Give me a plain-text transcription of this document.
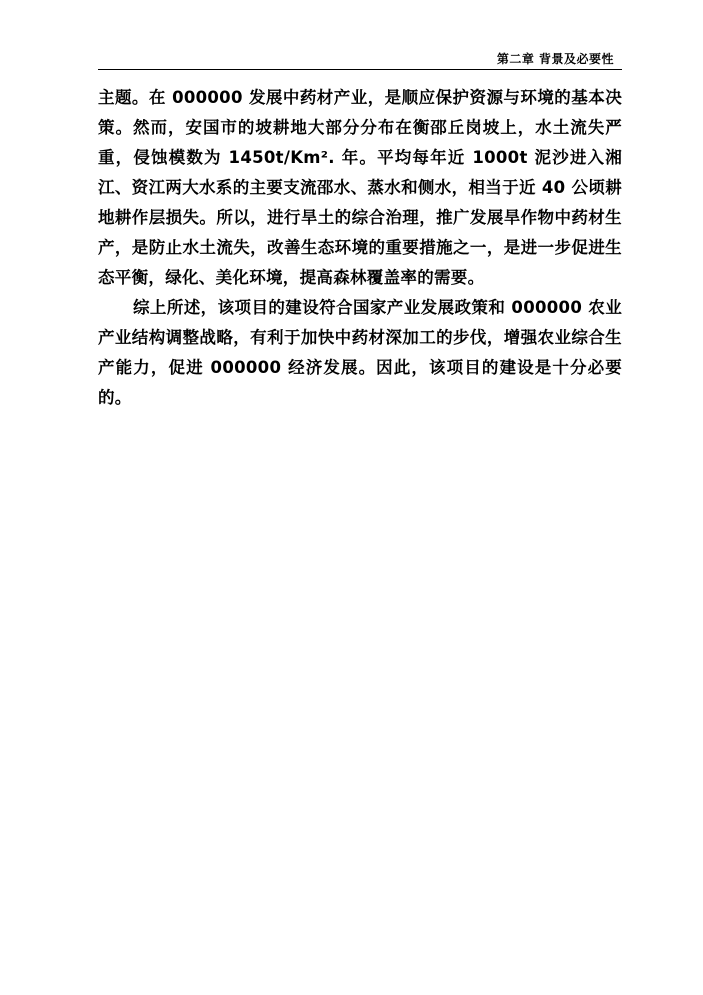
第二章 背景及必要性

主题。在 000000 发展中药材产业，是顺应保护资源与环境的基本决策。然而，安国市的坡耕地大部分分布在衡邵丘岗坡上，水土流失严重，侵蚀模数为 1450t/Km². 年。平均每年近 1000t 泥沙进入湘江、资江两大水系的主要支流邵水、蒸水和侧水，相当于近 40 公顷耕地耕作层损失。所以，进行旱土的综合治理，推广发展旱作物中药材生产，是防止水土流失，改善生态环境的重要措施之一，是进一步促进生态平衡，绿化、美化环境，提高森林覆盖率的需要。

综上所述，该项目的建设符合国家产业发展政策和 000000 农业产业结构调整战略，有利于加快中药材深加工的步伐，增强农业综合生产能力，促进 000000 经济发展。因此，该项目的建设是十分必要的。
